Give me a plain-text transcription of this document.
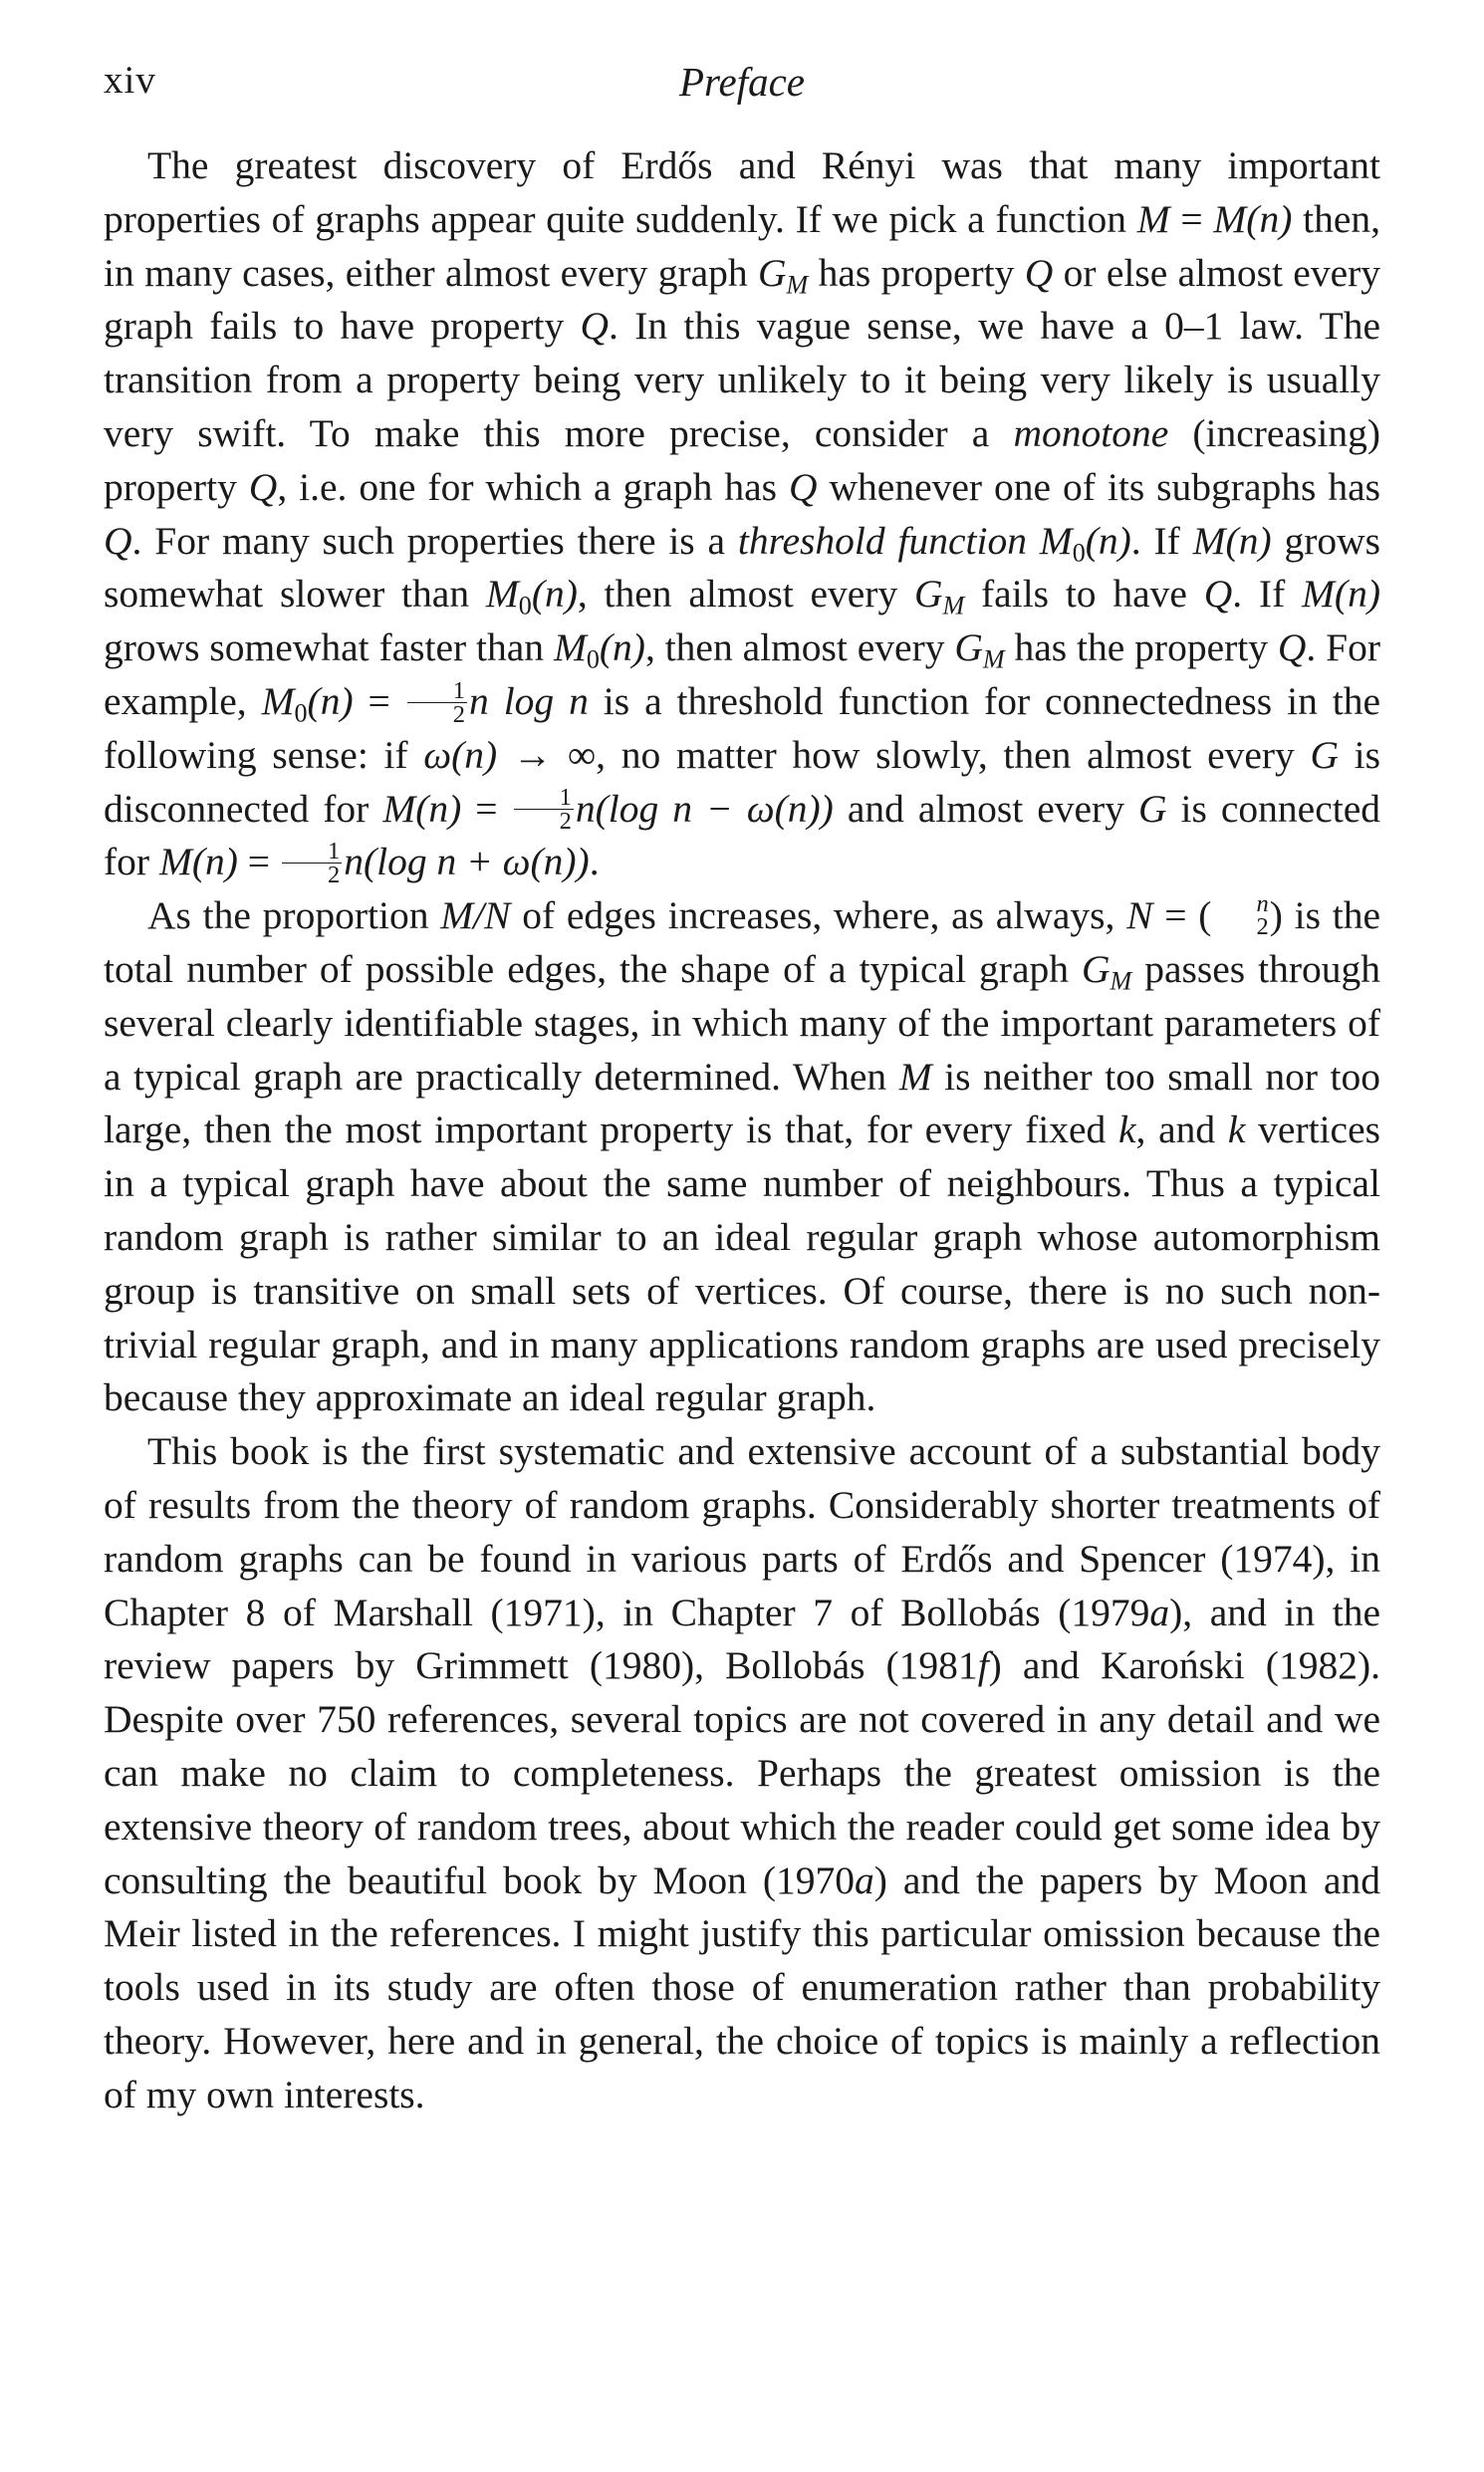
xiv	Preface

The greatest discovery of Erdős and Rényi was that many important properties of graphs appear quite suddenly. If we pick a function M = M(n) then, in many cases, either almost every graph $G_M$ has property Q or else almost every graph fails to have property Q. In this vague sense, we have a 0–1 law. The transition from a property being very unlikely to it being very likely is usually very swift. To make this more precise, consider a monotone (increasing) property Q, i.e. one for which a graph has Q whenever one of its subgraphs has Q. For many such properties there is a threshold function $M_0(n)$. If M(n) grows somewhat slower than $M_0(n)$, then almost every $G_M$ fails to have Q. If M(n) grows somewhat faster than $M_0(n)$, then almost every $G_M$ has the property Q. For example, $M_0(n) = \frac{1}{2}$ n log n is a threshold function for connectedness in the following sense: if ω(n) → ∞, no matter how slowly, then almost every G is disconnected for $M(n) = \frac{1}{2} n(\log$ n − ω(n)) and almost every G is connected for $M(n) = \frac{1}{2} n(\log$ n + ω(n)).

As the proportion M/N of edges increases, where, as always, N = (	n
2 ) is the total number of possible edges, the shape of a typical graph $G_M$ passes through several clearly identifiable stages, in which many of the important parameters of a typical graph are practically determined. When M is neither too small nor too large, then the most important property is that, for every fixed k, and k vertices in a typical graph have about the same number of neighbours. Thus a typical random graph is rather similar to an ideal regular graph whose automorphism group is transitive on small sets of vertices. Of course, there is no such non-trivial regular graph, and in many applications random graphs are used precisely because they approximate an ideal regular graph.

This book is the first systematic and extensive account of a substantial body of results from the theory of random graphs. Considerably shorter treatments of random graphs can be found in various parts of Erdős and Spencer (1974), in Chapter 8 of Marshall (1971), in Chapter 7 of Bollobás (1979a), and in the review papers by Grimmett (1980), Bollobás (1981f) and Karoński (1982). Despite over 750 references, several topics are not covered in any detail and we can make no claim to completeness. Perhaps the greatest omission is the extensive theory of random trees, about which the reader could get some idea by consulting the beautiful book by Moon (1970a) and the papers by Moon and Meir listed in the references. I might justify this particular omission because the tools used in its study are often those of enumeration rather than probability theory. However, here and in general, the choice of topics is mainly a reflection of my own interests.
